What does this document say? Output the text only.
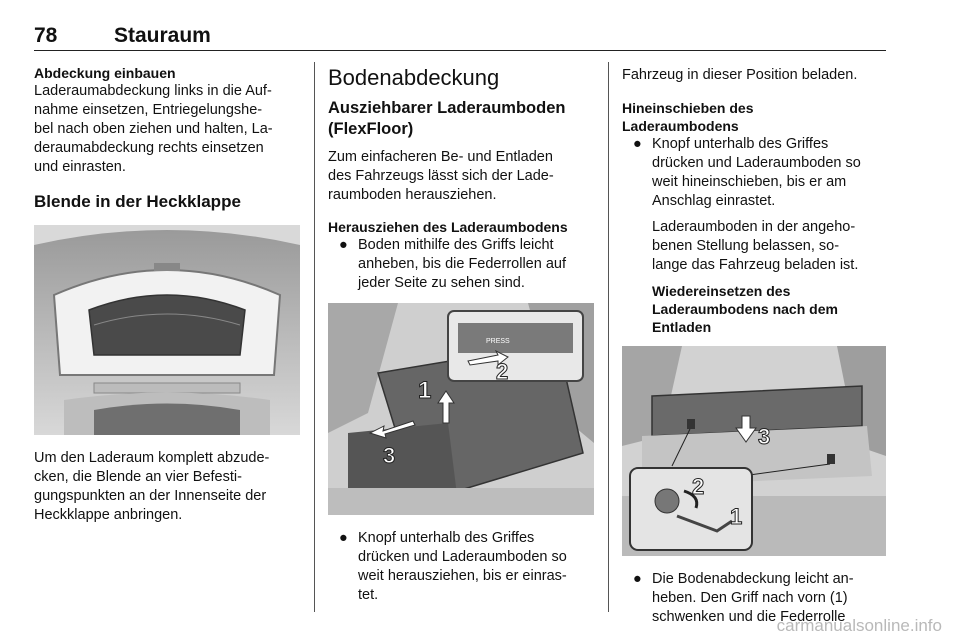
78	Stauraum
Abdeckung einbauen

Laderaumabdeckung links in die Auf-

nahme einsetzen, Entriegelungshe-

bel nach oben ziehen und halten, La-

deraumabdeckung rechts einsetzen

und einrasten.

Blende in der Heckklappe

Um den Laderaum komplett abzude-

cken, die Blende an vier Befesti-

gungspunkten an der Innenseite der

Heckklappe anbringen.

Bodenabdeckung
Ausziehbarer Laderaumboden
(FlexFloor)

Zum einfacheren Be- und Entladen

des Fahrzeugs lässt sich der Lade-

raumboden herausziehen.

Herausziehen des Laderaumbodens
● Boden mithilfe des Griffs leicht
anheben, bis die Federrollen auf
jeder Seite zu sehen sind.
PRESS
1
2
3
● Knopf unterhalb des Griffes
drücken und Laderaumboden so
weit herausziehen, bis er einras-
tet.

Fahrzeug in dieser Position beladen.

Hineinschieben des
Laderaumbodens
● Knopf unterhalb des Griffes
drücken und Laderaumboden so
weit hineinschieben, bis er am
Anschlag einrastet.
Laderaumboden in der angeho-
benen Stellung belassen, so-
lange das Fahrzeug beladen ist.
Wiedereinsetzen des
Laderaumbodens nach dem
Entladen
3
2
1
● Die Bodenabdeckung leicht an-
heben. Den Griff nach vorn (1)
schwenken und die Federrolle
carmanualsonline.info
